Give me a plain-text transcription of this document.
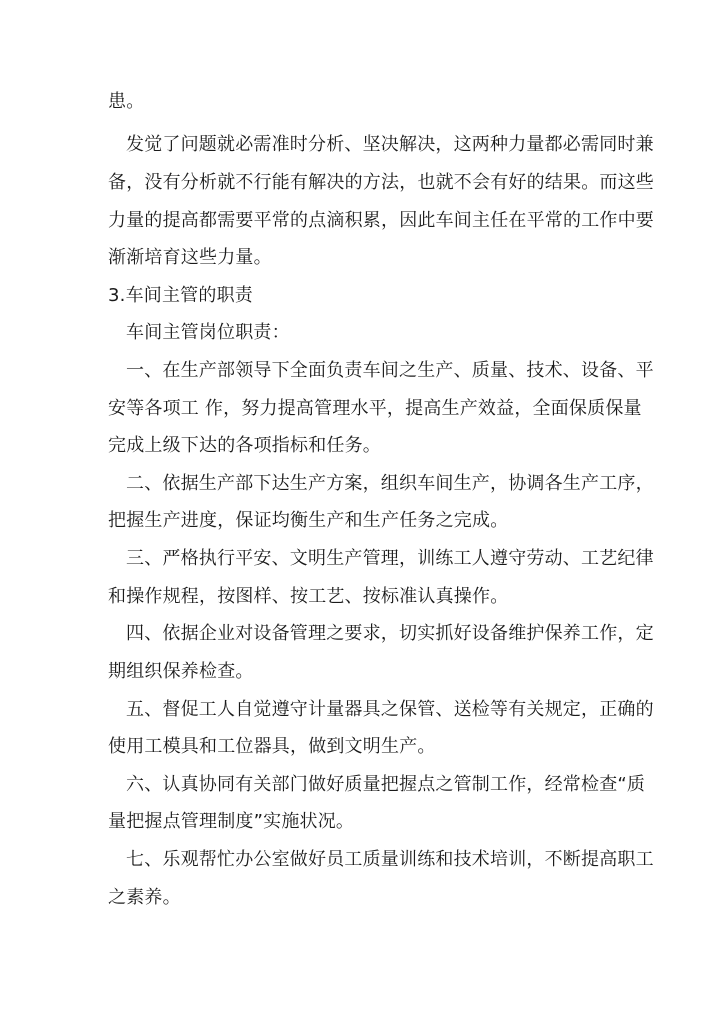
患。

发觉了问题就必需准时分析、坚决解决，这两种力量都必需同时兼

备，没有分析就不行能有解决的方法，也就不会有好的结果。而这些

力量的提高都需要平常的点滴积累，因此车间主任在平常的工作中要

渐渐培育这些力量。

3.车间主管的职责

车间主管岗位职责：

一、在生产部领导下全面负责车间之生产、质量、技术、设备、平

安等各项工 作，努力提高管理水平，提高生产效益，全面保质保量

完成上级下达的各项指标和任务。

二、依据生产部下达生产方案，组织车间生产，协调各生产工序，

把握生产进度，保证均衡生产和生产任务之完成。

三、严格执行平安、文明生产管理，训练工人遵守劳动、工艺纪律

和操作规程，按图样、按工艺、按标准认真操作。

四、依据企业对设备管理之要求，切实抓好设备维护保养工作，定

期组织保养检查。

五、督促工人自觉遵守计量器具之保管、送检等有关规定，正确的

使用工模具和工位器具，做到文明生产。

六、认真协同有关部门做好质量把握点之管制工作，经常检查“质

量把握点管理制度”实施状况。

七、乐观帮忙办公室做好员工质量训练和技术培训，不断提高职工

之素养。
